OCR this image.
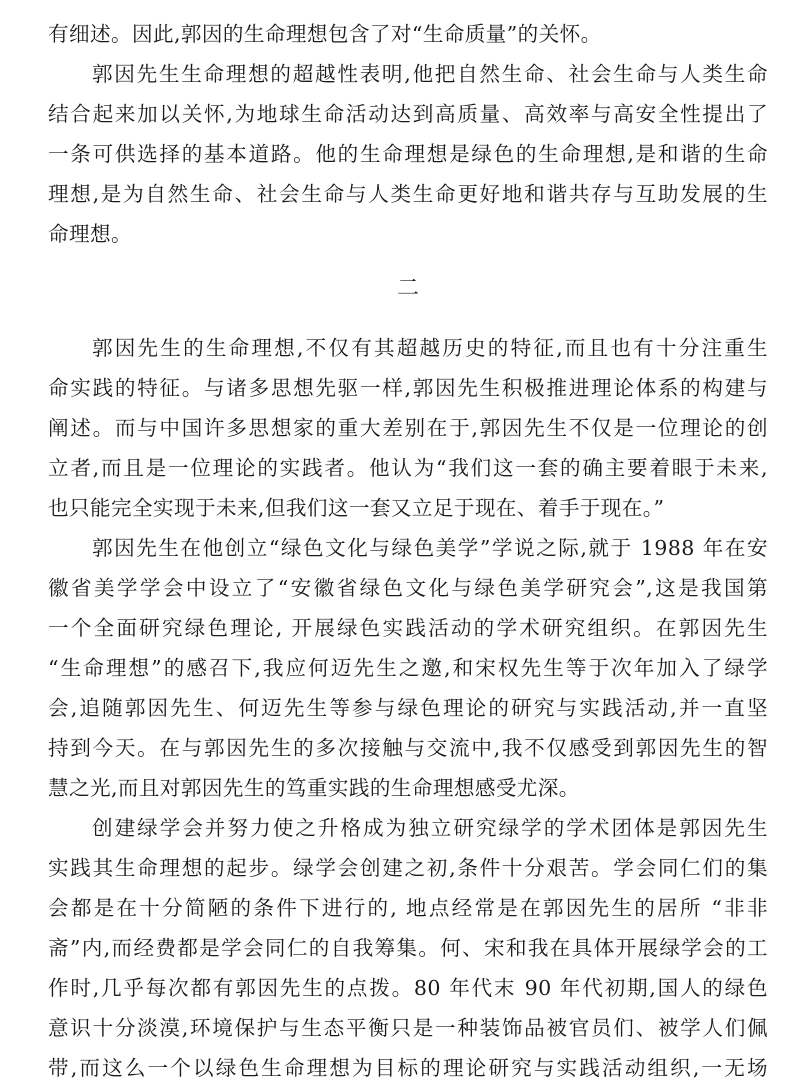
有细述。因此,郭因的生命理想包含了对“生命质量”的关怀。
郭因先生生命理想的超越性表明,他把自然生命、社会生命与人类生命
结合起来加以关怀,为地球生命活动达到高质量、高效率与高安全性提出了
一条可供选择的基本道路。他的生命理想是绿色的生命理想,是和谐的生命
理想,是为自然生命、社会生命与人类生命更好地和谐共存与互助发展的生
命理想。
二
郭因先生的生命理想,不仅有其超越历史的特征,而且也有十分注重生
命实践的特征。与诸多思想先驱一样,郭因先生积极推进理论体系的构建与
阐述。而与中国许多思想家的重大差别在于,郭因先生不仅是一位理论的创
立者,而且是一位理论的实践者。他认为“我们这一套的确主要着眼于未来,
也只能完全实现于未来,但我们这一套又立足于现在、着手于现在。”
郭因先生在他创立“绿色文化与绿色美学”学说之际,就于 1988 年在安
徽省美学学会中设立了“安徽省绿色文化与绿色美学研究会”,这是我国第
一个全面研究绿色理论, 开展绿色实践活动的学术研究组织。在郭因先生
“生命理想”的感召下,我应何迈先生之邀,和宋权先生等于次年加入了绿学
会,追随郭因先生、何迈先生等参与绿色理论的研究与实践活动,并一直坚
持到今天。在与郭因先生的多次接触与交流中,我不仅感受到郭因先生的智
慧之光,而且对郭因先生的笃重实践的生命理想感受尤深。
创建绿学会并努力使之升格成为独立研究绿学的学术团体是郭因先生
实践其生命理想的起步。绿学会创建之初,条件十分艰苦。学会同仁们的集
会都是在十分简陋的条件下进行的, 地点经常是在郭因先生的居所 “非非
斋”内,而经费都是学会同仁的自我筹集。何、宋和我在具体开展绿学会的工
作时,几乎每次都有郭因先生的点拨。80 年代末 90 年代初期,国人的绿色
意识十分淡漠,环境保护与生态平衡只是一种装饰品被官员们、被学人们佩
带,而这么一个以绿色生命理想为目标的理论研究与实践活动组织,一无场
